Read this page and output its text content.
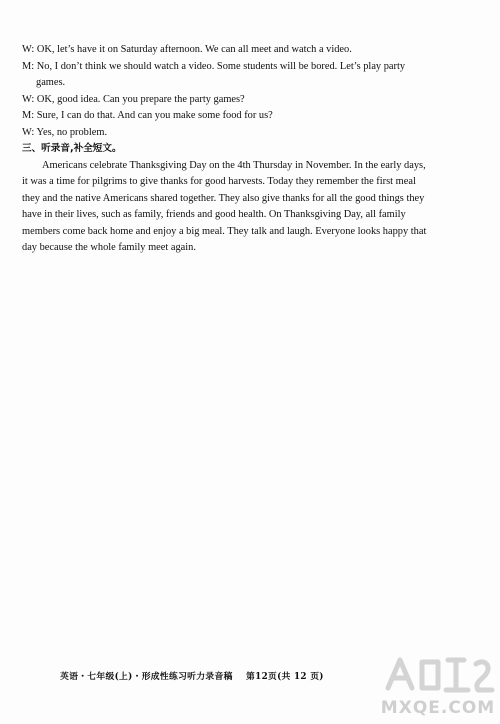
W: OK, let’s have it on Saturday afternoon. We can all meet and watch a video.
M: No, I don’t think we should watch a video. Some students will be bored. Let’s play party
games.
W: OK, good idea. Can you prepare the party games?
M: Sure, I can do that. And can you make some food for us?
W: Yes, no problem.
三、听录音,补全短文。
Americans celebrate Thanksgiving Day on the 4th Thursday in November. In the early days,
it was a time for pilgrims to give thanks for good harvests. Today they remember the first meal
they and the native Americans shared together. They also give thanks for all the good things they
have in their lives, such as family, friends and good health. On Thanksgiving Day, all family
members come back home and enjoy a big meal. They talk and laugh. Everyone looks happy that
day because the whole family meet again.
英语・七年级(上)・形成性练习听力录音稿 第12页(共 12 页)
MXQE.COM
